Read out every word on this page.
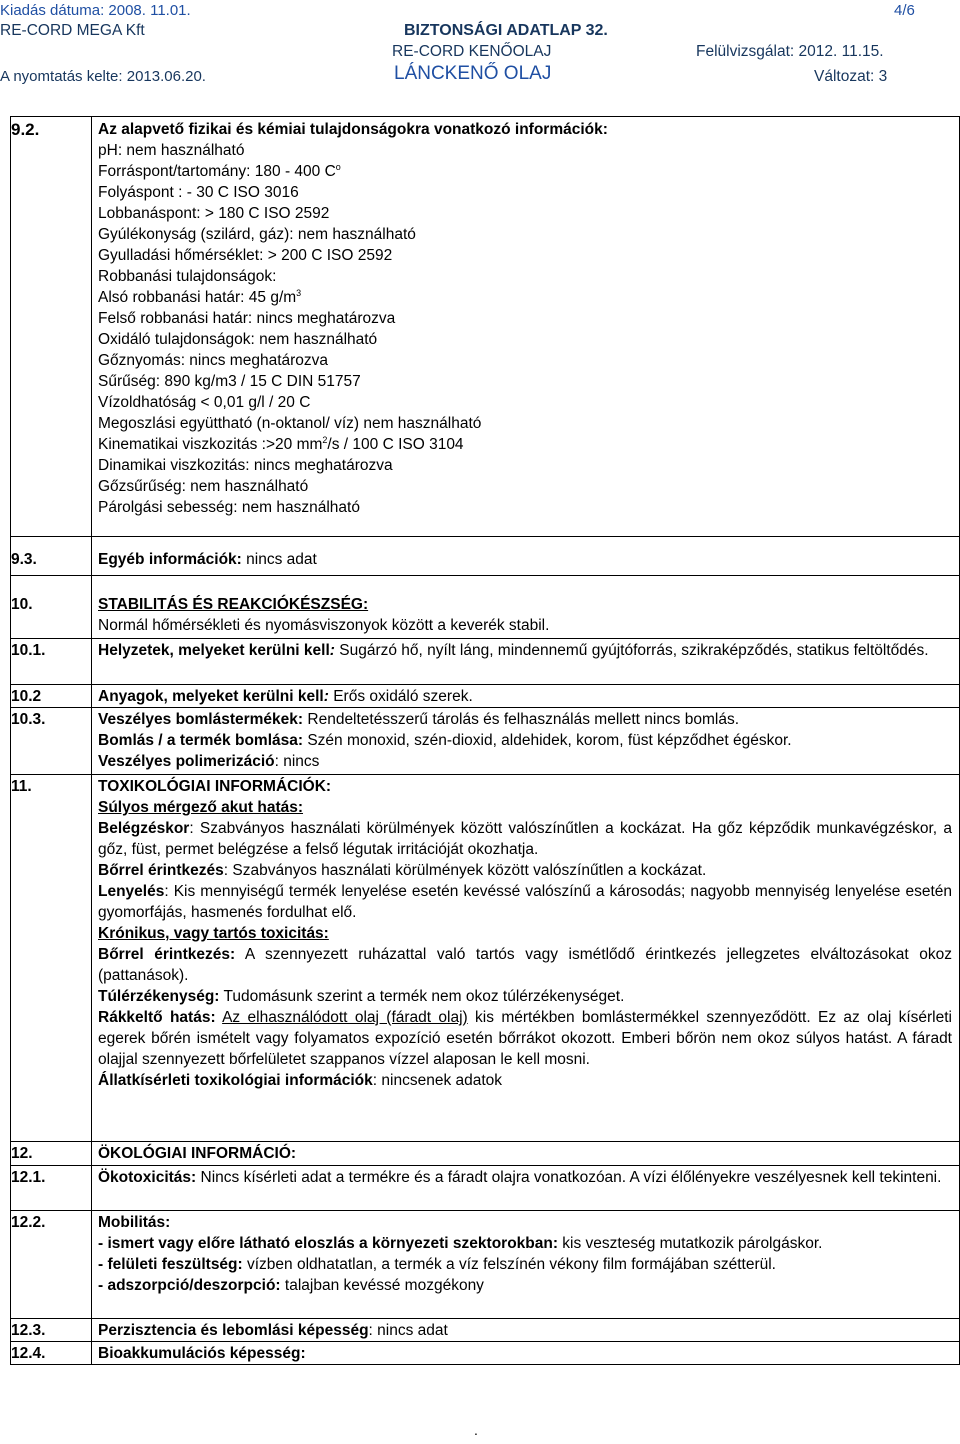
Kiadás dátuma: 2008. 11.01.	4/6
RE-CORD MEGA Kft	BIZTONSÁGI ADATLAP 32.
RE-CORD KENŐOLAJ	Felülvizsgálat: 2012. 11.15.
A nyomtatás kelte: 2013.06.20.	LÁNCKENŐ OLAJ	Változat: 3
9.2.	Az alapvető fizikai és kémiai tulajdonságokra vonatkozó információk:
pH: nem használható
Forráspont/tartomány: 180 - 400 $C^o$
Folyáspont : - 30 C ISO 3016
Lobbanáspont: > 180 C ISO 2592
Gyúlékonyság (szilárd, gáz): nem használható
Gyulladási hőmérséklet: > 200 C ISO 2592
Robbanási tulajdonságok:
Alsó robbanási határ: 45 $g/m^3$
Felső robbanási határ: nincs meghatározva
Oxidáló tulajdonságok: nem használható
Gőznyomás: nincs meghatározva
Sűrűség: 890 kg/m3 / 15 C DIN 51757
Vízoldhatóság < 0,01 g/l / 20 C
Megoszlási együttható (n-oktanol/ víz) nem használható
Kinematikai viszkozitás :>20 $mm^2/s / 100$ C ISO 3104
Dinamikai viszkozitás: nincs meghatározva
Gőzsűrűség: nem használható
Párolgási sebesség: nem használható
9.3.	Egyéb információk: nincs adat
10.	STABILITÁS ÉS REAKCIÓKÉSZSÉG:
Normál hőmérsékleti és nyomásviszonyok között a keverék stabil.
10.1.	Helyzetek, melyeket kerülni kell: Sugárzó hő, nyílt láng, mindennemű gyújtóforrás, szikraképződés, statikus feltöltődés.
10.2	Anyagok, melyeket kerülni kell: Erős oxidáló szerek.
10.3.	Veszélyes bomlástermékek: Rendeltetésszerű tárolás és felhasználás mellett nincs bomlás.
Bomlás / a termék bomlása: Szén monoxid, szén-dioxid, aldehidek, korom, füst képződhet égéskor.
Veszélyes polimerizáció: nincs
11.	TOXIKOLÓGIAI INFORMÁCIÓK:
Súlyos mérgező akut hatás:
Belégzéskor: Szabványos használati körülmények között valószínűtlen a kockázat. Ha gőz képződik munkavégzéskor, a gőz, füst, permet belégzése a felső légutak irritációját okozhatja.
Bőrrel érintkezés: Szabványos használati körülmények között valószínűtlen a kockázat.
Lenyelés: Kis mennyiségű termék lenyelése esetén kevéssé valószínű a károsodás; nagyobb mennyiség lenyelése esetén gyomorfájás, hasmenés fordulhat elő.
Krónikus, vagy tartós toxicitás:
Bőrrel érintkezés: A szennyezett ruházattal való tartós vagy ismétlődő érintkezés jellegzetes elváltozásokat okoz (pattanások).
Túlérzékenység: Tudomásunk szerint a termék nem okoz túlérzékenységet.
Rákkeltő hatás: Az elhasználódott olaj (fáradt olaj) kis mértékben bomlástermékkel szennyeződött. Ez az olaj kísérleti egerek bőrén ismételt vagy folyamatos expozíció esetén bőrrákot okozott. Emberi bőrön nem okoz súlyos hatást. A fáradt olajjal szennyezett bőrfelületet szappanos vízzel alaposan le kell mosni.
Állatkísérleti toxikológiai információk: nincsenek adatok
12.	ÖKOLÓGIAI INFORMÁCIÓ:
12.1.	Ökotoxicitás: Nincs kísérleti adat a termékre és a fáradt olajra vonatkozóan. A vízi élőlényekre veszélyesnek kell tekinteni.
12.2.	Mobilitás:
- ismert vagy előre látható eloszlás a környezeti szektorokban: kis veszteség mutatkozik párolgáskor.
- felületi feszültség: vízben oldhatatlan, a termék a víz felszínén vékony film formájában szétterül.
- adszorpció/deszorpció: talajban kevéssé mozgékony
12.3.	Perzisztencia és lebomlási képesség: nincs adat
12.4.	Bioakkumulációs képesség:
.
